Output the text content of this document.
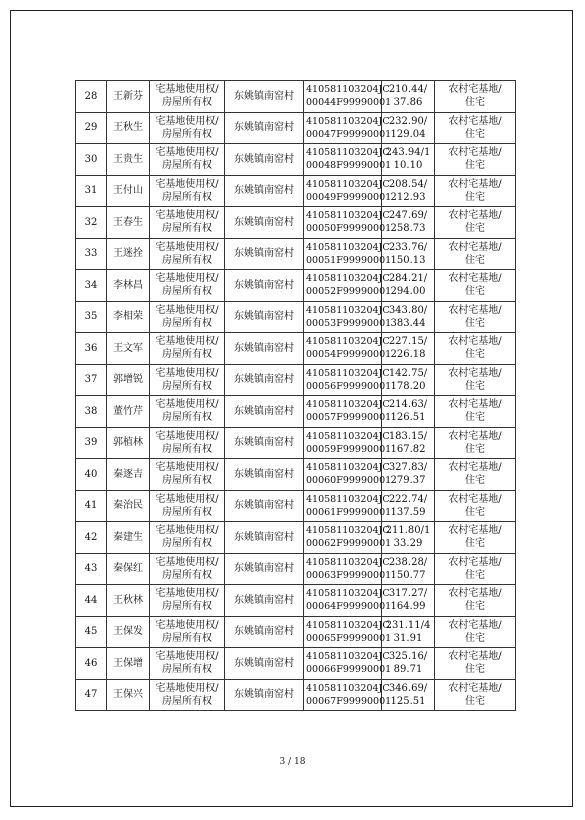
28	王新芬	宅基地使用权/
房屋所有权	东姚镇南窑村	410581103204JC
00044F99990001	210.44/
37.86	农村宅基地/
住宅
29	王秋生	宅基地使用权/
房屋所有权	东姚镇南窑村	410581103204JC
00047F99990001	232.90/
129.04	农村宅基地/
住宅
30	王贵生	宅基地使用权/
房屋所有权	东姚镇南窑村	410581103204JC
00048F99990001	243.94/1
10.10	农村宅基地/
住宅
31	王付山	宅基地使用权/
房屋所有权	东姚镇南窑村	410581103204JC
00049F99990001	208.54/
212.93	农村宅基地/
住宅
32	王春生	宅基地使用权/
房屋所有权	东姚镇南窑村	410581103204JC
00050F99990001	247.69/
258.73	农村宅基地/
住宅
33	王迷拴	宅基地使用权/
房屋所有权	东姚镇南窑村	410581103204JC
00051F99990001	233.76/
150.13	农村宅基地/
住宅
34	李林昌	宅基地使用权/
房屋所有权	东姚镇南窑村	410581103204JC
00052F99990001	284.21/
294.00	农村宅基地/
住宅
35	李相荣	宅基地使用权/
房屋所有权	东姚镇南窑村	410581103204JC
00053F99990001	343.80/
383.44	农村宅基地/
住宅
36	王文军	宅基地使用权/
房屋所有权	东姚镇南窑村	410581103204JC
00054F99990001	227.15/
226.18	农村宅基地/
住宅
37	郭增锐	宅基地使用权/
房屋所有权	东姚镇南窑村	410581103204JC
00056F99990001	142.75/
178.20	农村宅基地/
住宅
38	董竹芹	宅基地使用权/
房屋所有权	东姚镇南窑村	410581103204JC
00057F99990001	214.63/
126.51	农村宅基地/
住宅
39	郭植林	宅基地使用权/
房屋所有权	东姚镇南窑村	410581103204JC
00059F99990001	183.15/
167.82	农村宅基地/
住宅
40	秦逐吉	宅基地使用权/
房屋所有权	东姚镇南窑村	410581103204JC
00060F99990001	327.83/
279.37	农村宅基地/
住宅
41	秦治民	宅基地使用权/
房屋所有权	东姚镇南窑村	410581103204JC
00061F99990001	222.74/
137.59	农村宅基地/
住宅
42	秦建生	宅基地使用权/
房屋所有权	东姚镇南窑村	410581103204JC
00062F99990001	211.80/1
33.29	农村宅基地/
住宅
43	秦保红	宅基地使用权/
房屋所有权	东姚镇南窑村	410581103204JC
00063F99990001	238.28/
150.77	农村宅基地/
住宅
44	王秋林	宅基地使用权/
房屋所有权	东姚镇南窑村	410581103204JC
00064F99990001	317.27/
164.99	农村宅基地/
住宅
45	王保发	宅基地使用权/
房屋所有权	东姚镇南窑村	410581103204JC
00065F99990001	231.11/4
31.91	农村宅基地/
住宅
46	王保增	宅基地使用权/
房屋所有权	东姚镇南窑村	410581103204JC
00066F99990001	325.16/
89.71	农村宅基地/
住宅
47	王保兴	宅基地使用权/
房屋所有权	东姚镇南窑村	410581103204JC
00067F99990001	346.69/
125.51	农村宅基地/
住宅
3 / 18
